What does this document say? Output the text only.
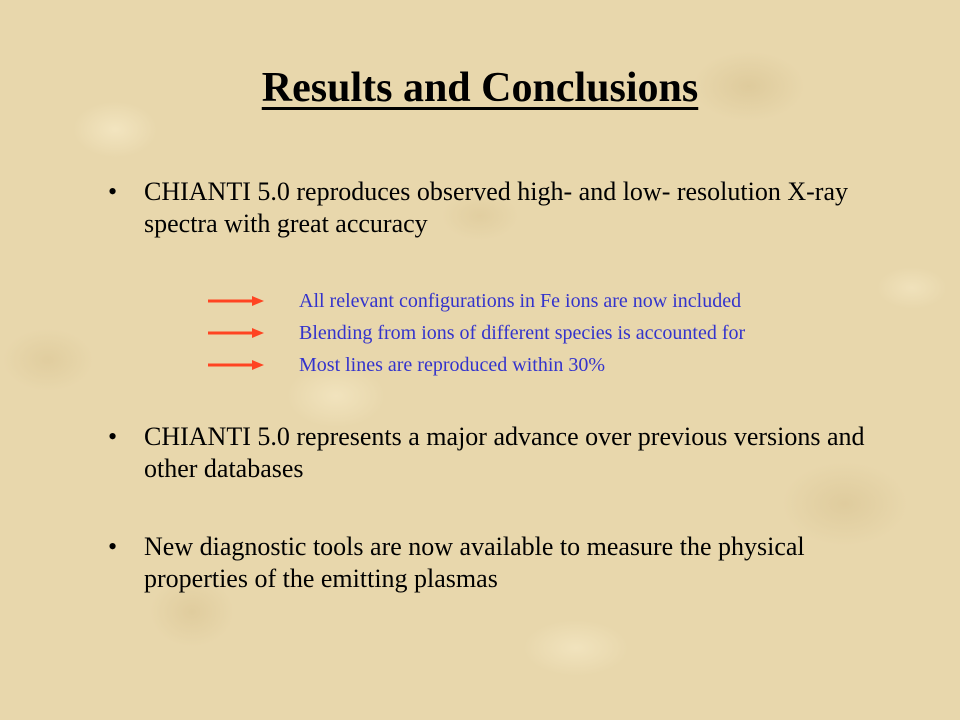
Results and Conclusions
•	CHIANTI 5.0 reproduces observed high- and low- resolution X-ray spectra with great accuracy
All relevant configurations in Fe ions are now included
Blending from ions of different species is accounted for
Most lines are reproduced within 30%
•	CHIANTI 5.0 represents a major advance over previous versions and other databases
•	New diagnostic tools are now available to measure the physical properties of the emitting plasmas
